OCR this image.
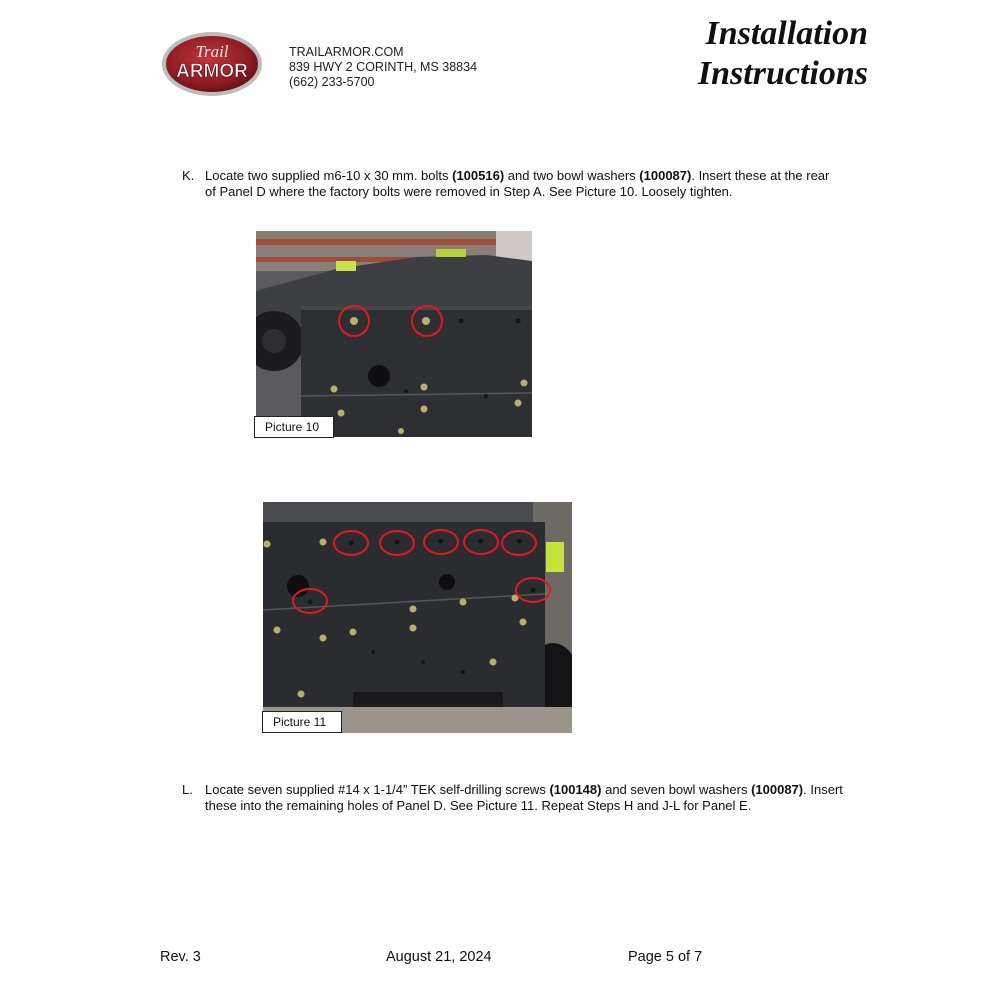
Trail
ARMOR
TRAILARMOR.COM
839 HWY 2 CORINTH, MS 38834
(662) 233-5700
Installation
Instructions
K. Locate two supplied m6-10 x 30 mm. bolts (100516) and two bowl washers (100087). Insert these at the rear of Panel D where the factory bolts were removed in Step A. See Picture 10. Loosely tighten.
Picture 10
Picture 11
L. Locate seven supplied #14 x 1-1/4” TEK self-drilling screws (100148) and seven bowl washers (100087). Insert these into the remaining holes of Panel D. See Picture 11. Repeat Steps H and J-L for Panel E.
Rev. 3	August 21, 2024	Page 5 of 7
